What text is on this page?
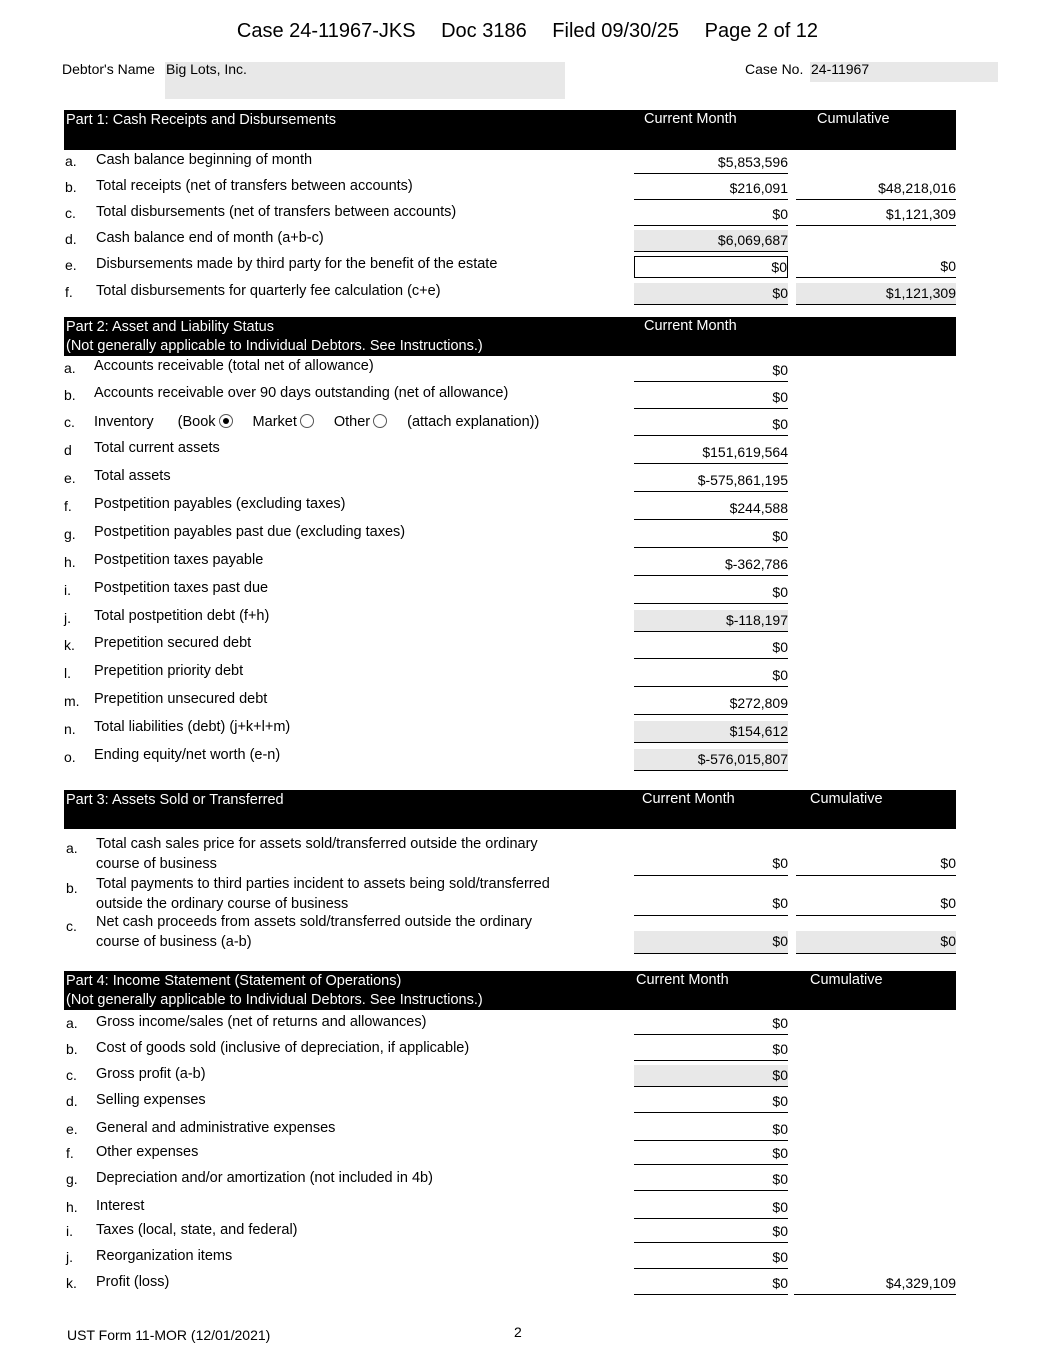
Case 24-11967-JKS Doc 3186 Filed 09/30/25 Page 2 of 12
Debtor's Name Big Lots, Inc.	Case No. 24-11967
Part 1: Cash Receipts and Disbursements	Current Month	Cumulative
a. Cash balance beginning of month	$5,853,596
b. Total receipts (net of transfers between accounts)	$216,091	$48,218,016
c. Total disbursements (net of transfers between accounts)	$0	$1,121,309
d. Cash balance end of month (a+b-c)	$6,069,687
e. Disbursements made by third party for the benefit of the estate	$0	$0
f. Total disbursements for quarterly fee calculation (c+e)	$0	$1,121,309
Part 2: Asset and Liability Status
(Not generally applicable to Individual Debtors. See Instructions.)
Current Month
a. Accounts receivable (total net of allowance)	$0
b. Accounts receivable over 90 days outstanding (net of allowance)	$0
c. Inventory (Book	Market	Other	(attach explanation))	$0
d Total current assets	$151,619,564
e. Total assets	$-575,861,195
f. Postpetition payables (excluding taxes)	$244,588
g. Postpetition payables past due (excluding taxes)	$0
h. Postpetition taxes payable	$-362,786
i. Postpetition taxes past due	$0
j. Total postpetition debt (f+h)	$-118,197
k. Prepetition secured debt	$0
l. Prepetition priority debt	$0
m. Prepetition unsecured debt	$272,809
n. Total liabilities (debt) (j+k+l+m)	$154,612
o. Ending equity/net worth (e-n)	$-576,015,807
Part 3: Assets Sold or Transferred	Current Month	Cumulative
a. Total cash sales price for assets sold/transferred outside the ordinary
course of business	$0	$0
b. Total payments to third parties incident to assets being sold/transferred
outside the ordinary course of business	$0	$0
c. Net cash proceeds from assets sold/transferred outside the ordinary
course of business (a-b)	$0	$0
Part 4: Income Statement (Statement of Operations)
(Not generally applicable to Individual Debtors. See Instructions.)
Current Month	Cumulative
a. Gross income/sales (net of returns and allowances)	$0
b. Cost of goods sold (inclusive of depreciation, if applicable)	$0
c. Gross profit (a-b)	$0
d. Selling expenses	$0
e. General and administrative expenses	$0
f. Other expenses	$0
g. Depreciation and/or amortization (not included in 4b)	$0
h. Interest	$0
i. Taxes (local, state, and federal)	$0
j. Reorganization items	$0
k. Profit (loss)	$0	$4,329,109
UST Form 11-MOR (12/01/2021)	2
